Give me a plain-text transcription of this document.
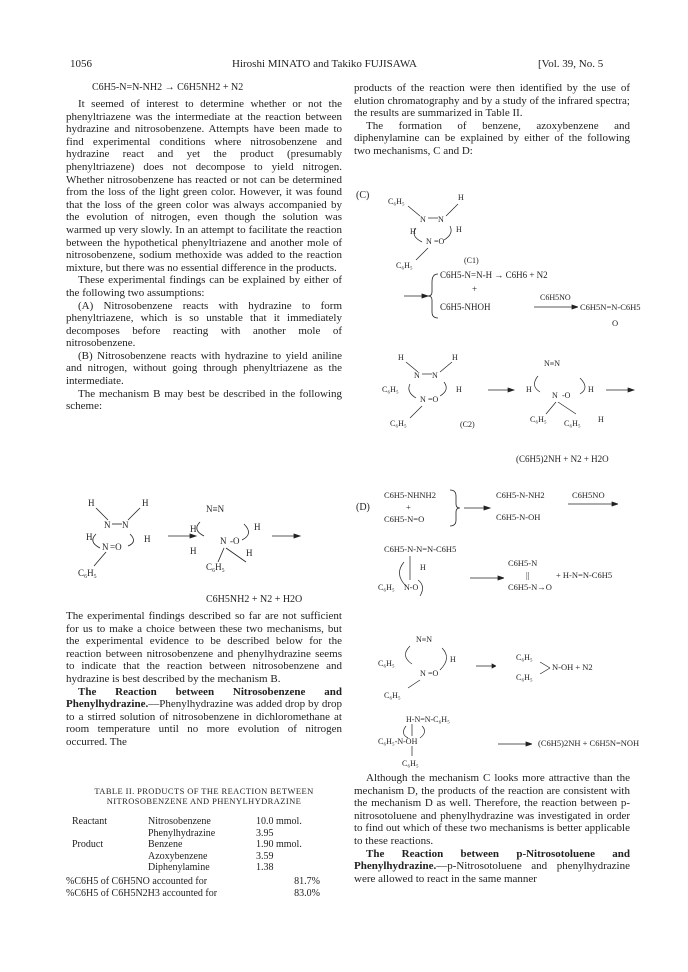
1056	Hiroshi MINATO and Takiko FUJISAWA	[Vol. 39, No. 5
C6H5-N=N-NH2 → C6H5NH2 + N2

It seemed of interest to determine whether or not the phenyltriazene was the intermediate at the reaction between hydrazine and nitrosobenzene. Attempts have been made to find experimental conditions where nitrosobenzene and hydrazine react and yet the product (presumably phenyltriazene) does not decompose to yield nitrogen. Whether nitrosobenzene has reacted or not can be determined from the loss of the light green color. However, it was found that the loss of the green color was always accompanied by the evolution of nitrogen, even though the solution was warmed up very slowly. In an attempt to facilitate the reaction between the hypothetical phenyltriazene and another mole of nitrosobenzene, sodium methoxide was added to the reaction mixture, but there was no essential difference in the products.

These experimental findings can be explained by either of the following two assumptions:

(A) Nitrosobenzene reacts with hydrazine to form phenyltriazene, which is so unstable that it immediately decomposes before reacting with another mole of nitrosobenzene.

(B) Nitrosobenzene reacts with hydrazine to yield aniline and nitrogen, without going through phenyltriazene as the intermediate.

The mechanism B may best be described in the following scheme:

H	H
N N
H	H
N =O
C₆H₅
N≡N
H	H
N -O
H	H
C₆H₅
C6H5NH2 + N2 + H2O

The experimental findings described so far are not sufficient for us to make a choice between these two mechanisms, but the experimental evidence to be described below for the reaction between nitrosobenzene and phenylhydrazine seems to indicate that the reaction between nitrosobenzene and hydrazine is best described by the mechanism B.

The Reaction between Nitrosobenzene and Phenylhydrazine.—Phenylhydrazine was added drop by drop to a stirred solution of nitrosobenzene in dichloromethane at room temperature until no more evolution of nitrogen occurred. The

TABLE II. PRODUCTS OF THE REACTION BETWEEN
NITROSOBENZENE AND PHENYLHYDRAZINE
Reactant	Nitrosobenzene	10.0 mmol.
	Phenylhydrazine	3.95
Product	Benzene	1.90 mmol.
	Azoxybenzene	3.59
	Diphenylamine	1.38
%C6H5 of C6H5NO accounted for	81.7%
%C6H5 of C6H5N2H3 accounted for	83.0%

products of the reaction were then identified by the use of elution chromatography and by a study of the infrared spectra; the results are summarized in Table II.

The formation of benzene, azoxybenzene and diphenylamine can be explained by either of the following two mechanisms, C and D:

(C)
C₆H₅	H
N N
H	H
N =O
C₆H₅
(C1)
C6H5-N=N-H → C6H6 + N2
+
C6H5-NHOH
C6H5NO
C6H5N=N-C6H5
O
H	H
N N
C₆H₅	H
N =O
C₆H₅
N≡N
H	H
N -O
C₆H₅ C₆H₅ H
(C2)
(C6H5)2NH + N2 + H2O
(D)
C6H5-NHNH2
+
C6H5-N=O
C6H5-N-NH2
C6H5-N-OH
C6H5NO
C6H5-N-N=N-C6H5
H
C₆H₅ N-O
C6H5-N
||
C6H5-N→O
+ H-N=N-C6H5
N≡N
C₆H₅	H
N =O
C₆H₅
C₆H₅
C₆H₅
N-OH + N2
H-N=N-C₆H₅
C₆H₅-N-OH
C₆H₅
(C6H5)2NH + C6H5N=NOH

Although the mechanism C looks more attractive than the mechanism D, the products of the reaction are consistent with the mechanism D as well. Therefore, the reaction between p-nitrosotoluene and phenylhydrazine was investigated in order to find out which of these two mechanisms is better applicable to these reactions.

The Reaction between p-Nitrosotoluene and Phenylhydrazine.—p-Nitrosotoluene and phenylhydrazine were allowed to react in the same manner
